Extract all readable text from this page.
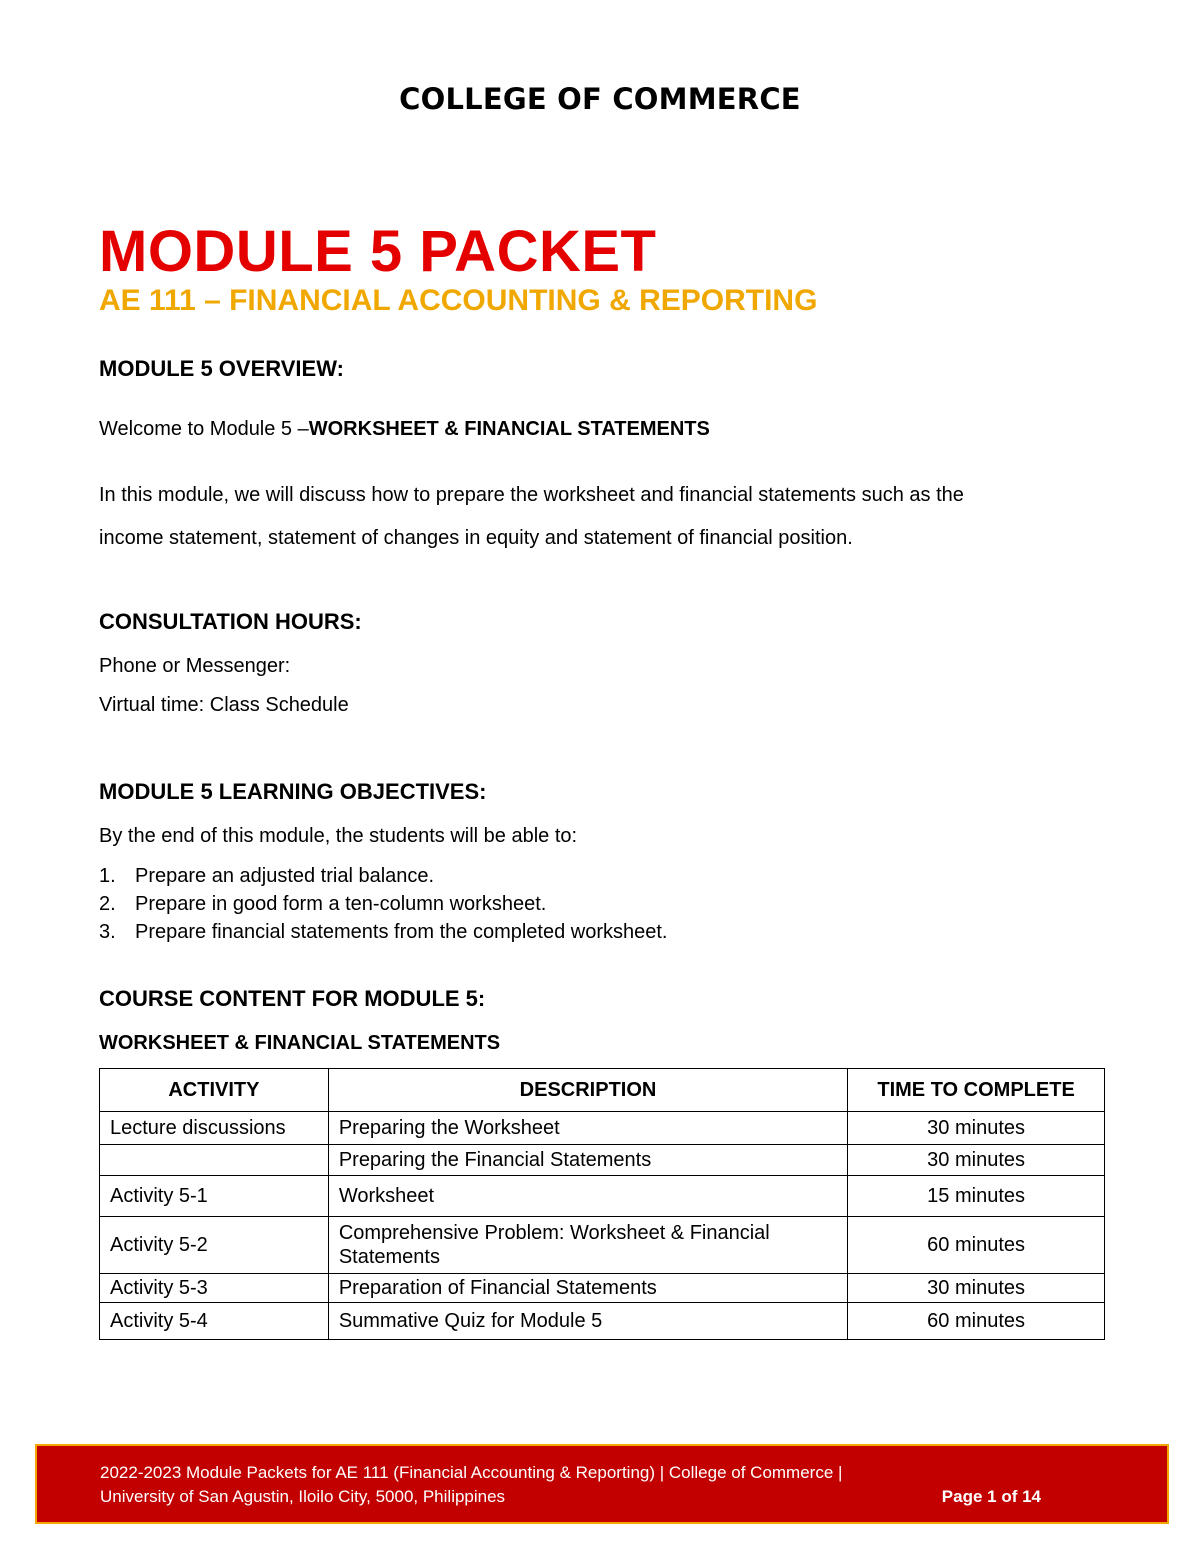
COLLEGE OF COMMERCE
MODULE 5 PACKET
AE 111 – FINANCIAL ACCOUNTING & REPORTING
MODULE 5 OVERVIEW:
Welcome to Module 5 –WORKSHEET & FINANCIAL STATEMENTS
In this module, we will discuss how to prepare the worksheet and financial statements such as the
income statement, statement of changes in equity and statement of financial position.
CONSULTATION HOURS:
Phone or Messenger:
Virtual time: Class Schedule
MODULE 5 LEARNING OBJECTIVES:
By the end of this module, the students will be able to:
1. Prepare an adjusted trial balance.
2. Prepare in good form a ten-column worksheet.
3. Prepare financial statements from the completed worksheet.
COURSE CONTENT FOR MODULE 5:
WORKSHEET & FINANCIAL STATEMENTS
ACTIVITY	DESCRIPTION	TIME TO COMPLETE
Lecture discussions	Preparing the Worksheet	30 minutes
	Preparing the Financial Statements	30 minutes
Activity 5-1	Worksheet	15 minutes
Activity 5-2	Comprehensive Problem: Worksheet & Financial Statements	60 minutes
Activity 5-3	Preparation of Financial Statements	30 minutes
Activity 5-4	Summative Quiz for Module 5	60 minutes
2022-2023 Module Packets for AE 111 (Financial Accounting & Reporting) | College of Commerce |
University of San Agustin, Iloilo City, 5000, Philippines	Page 1 of 14
